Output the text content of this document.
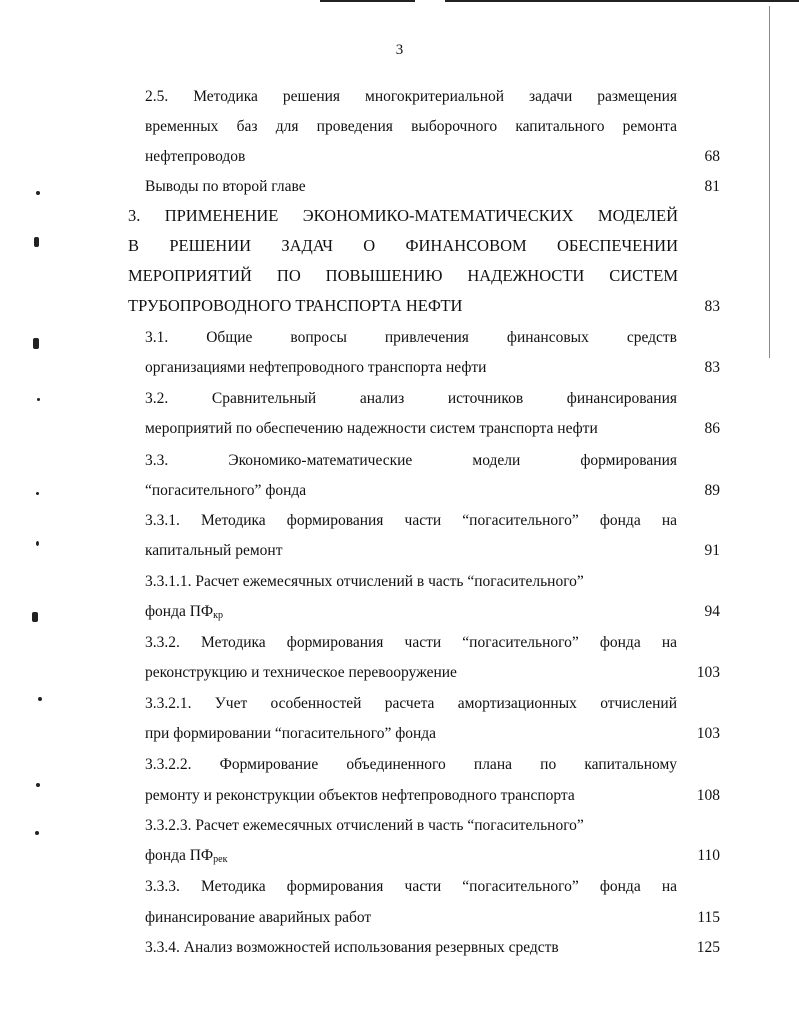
3
2.5. Методика решения многокритериальной задачи размещения
временных баз для проведения выборочного капитального ремонта
нефтепроводов	68
Выводы по второй главе	81
3. ПРИМЕНЕНИЕ ЭКОНОМИКО-МАТЕМАТИЧЕСКИХ МОДЕЛЕЙ
В РЕШЕНИИ ЗАДАЧ О ФИНАНСОВОМ ОБЕСПЕЧЕНИИ
МЕРОПРИЯТИЙ ПО ПОВЫШЕНИЮ НАДЕЖНОСТИ СИСТЕМ
ТРУБОПРОВОДНОГО ТРАНСПОРТА НЕФТИ	83
3.1. Общие вопросы привлечения финансовых средств
организациями нефтепроводного транспорта нефти	83
3.2. Сравнительный анализ источников финансирования
мероприятий по обеспечению надежности систем транспорта нефти	86
3.3. Экономико-математические модели формирования
“погасительного” фонда	89
3.3.1. Методика формирования части “погасительного” фонда на
капитальный ремонт	91
3.3.1.1. Расчет ежемесячных отчислений в часть “погасительного”
фонда $ПФ_{кр}$	94
3.3.2. Методика формирования части “погасительного” фонда на
реконструкцию и техническое перевооружение	103
3.3.2.1. Учет особенностей расчета амортизационных отчислений
при формировании “погасительного” фонда	103
3.3.2.2. Формирование объединенного плана по капитальному
ремонту и реконструкции объектов нефтепроводного транспорта	108
3.3.2.3. Расчет ежемесячных отчислений в часть “погасительного”
фонда $ПФ_{рек}$	110
3.3.3. Методика формирования части “погасительного” фонда на
финансирование аварийных работ	115
3.3.4. Анализ возможностей использования резервных средств	125
